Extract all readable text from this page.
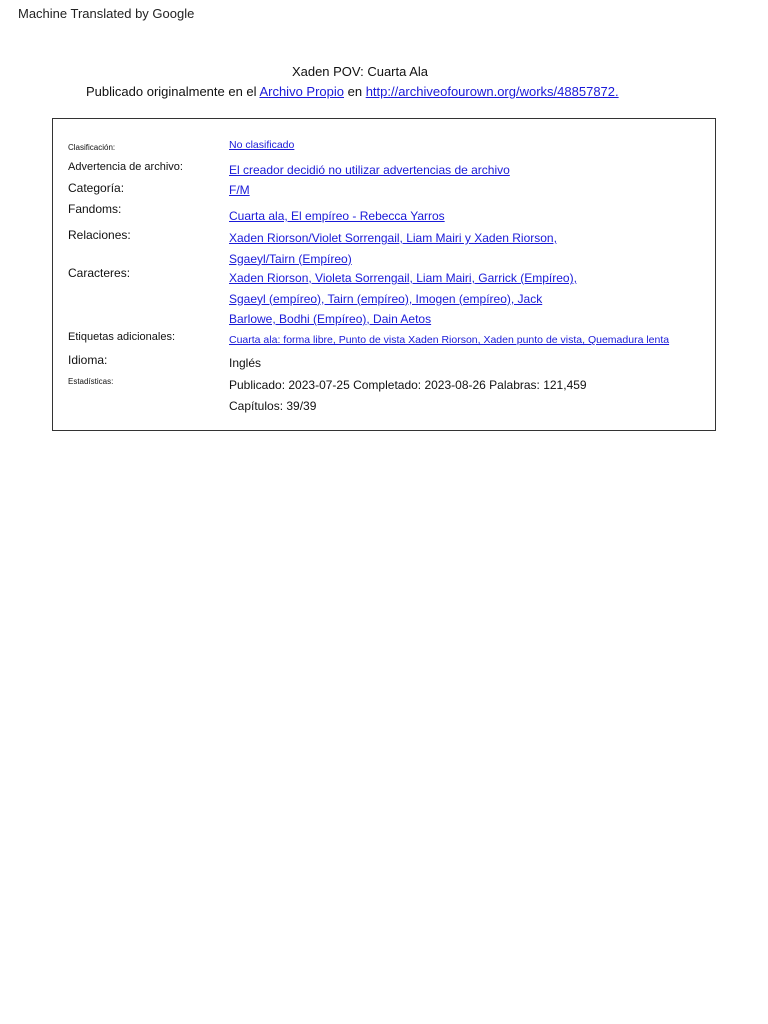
Machine Translated by Google
Xaden POV: Cuarta Ala
Publicado originalmente en el Archivo Propio en http://archiveofourown.org/works/48857872.
Clasificación:	No clasificado
Advertencia de archivo:	El creador decidió no utilizar advertencias de archivo
Categoría:	F/M
Fandoms:	Cuarta ala, El empíreo - Rebecca Yarros
Relaciones:	Xaden Riorson/Violet Sorrengail, Liam Mairi y Xaden Riorson,
Sgaeyl/Tairn (Empíreo)
Caracteres:	Xaden Riorson, Violeta Sorrengail, Liam Mairi, Garrick (Empíreo),
Sgaeyl (empíreo), Tairn (empíreo), Imogen (empíreo), Jack
Barlowe, Bodhi (Empíreo), Dain Aetos
Etiquetas adicionales:	Cuarta ala: forma libre, Punto de vista Xaden Riorson, Xaden punto de vista, Quemadura lenta
Idioma:	Inglés
Estadísticas:	Publicado: 2023-07-25 Completado: 2023-08-26 Palabras: 121,459
Capítulos: 39/39
